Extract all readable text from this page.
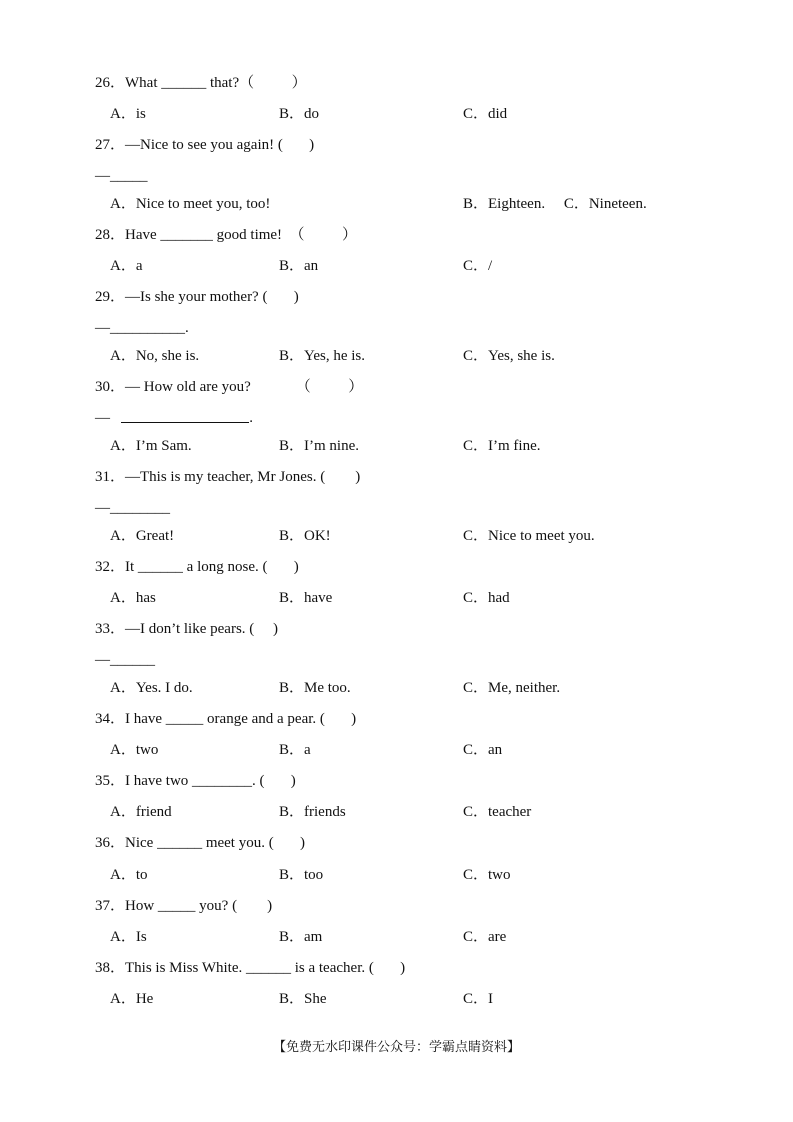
26．What ______ that?（          ）

A．is	B．do	C．did

27．—Nice to see you again! (       )

—_____

A．Nice to meet you, too!	B．Eighteen.     C．Nineteen.

28．Have _______ good time!  （          ）

A．a	B．an	C．/

29．—Is she your mother? (       )

—__________.

A．No, she is.	B．Yes, he is.	C．Yes, she is.

30．— How old are you?            （          ）

—	.

A．I’m Sam.	B．I’m nine.	C．I’m fine.

31．—This is my teacher, Mr Jones. (        )

—________

A．Great!	B．OK!	C．Nice to meet you.

32．It ______ a long nose. (       )

A．has	B．have	C．had

33．—I don’t like pears. (     )

—______

A．Yes. I do.	B．Me too.	C．Me, neither.

34．I have _____ orange and a pear. (       )

A．two	B．a	C．an

35．I have two ________. (       )

A．friend	B．friends	C．teacher

36．Nice ______ meet you. (       )

A．to	B．too	C．two

37．How _____ you? (        )

A．Is	B．am	C．are

38．This is Miss White. ______ is a teacher. (       )

A．He	B．She	C．I
【免费无水印课件公众号：学霸点睛资料】
